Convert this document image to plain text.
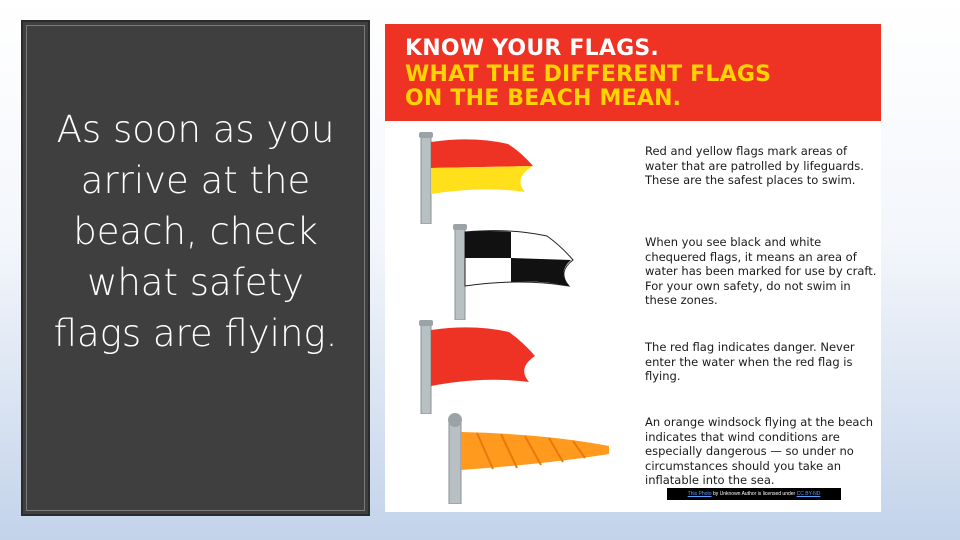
As soon as you arrive at the beach, check what safety flags are flying.
KNOW YOUR FLAGS.
WHAT THE DIFFERENT FLAGS
ON THE BEACH MEAN.
Red and yellow flags mark areas of water that are patrolled by lifeguards. These are the safest places to swim.
When you see black and white chequered flags, it means an area of water has been marked for use by craft. For your own safety, do not swim in these zones.
The red flag indicates danger. Never enter the water when the red flag is flying.
An orange windsock flying at the beach indicates that wind conditions are especially dangerous — so under no circumstances should you take an inflatable into the sea.
This Photo by Unknown Author is licensed under CC BY-ND
